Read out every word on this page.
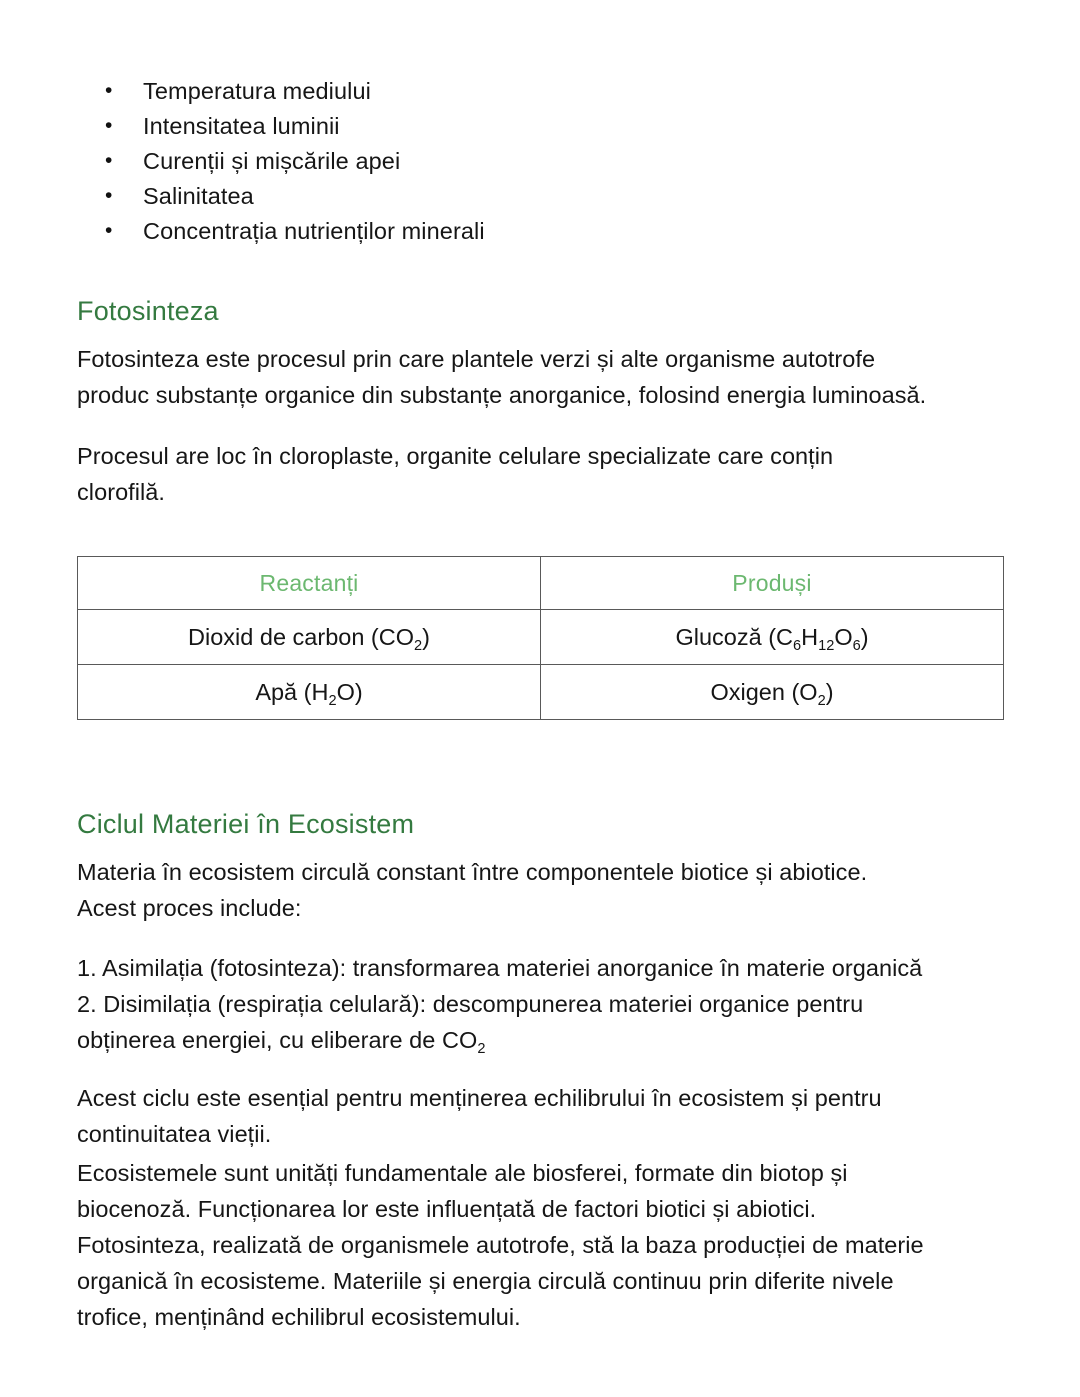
• Temperatura mediului
• Intensitatea luminii
• Curenții și mișcările apei
• Salinitatea
• Concentrația nutrienților minerali
Fotosinteza

Fotosinteza este procesul prin care plantele verzi și alte organisme autotrofe
produc substanțe organice din substanțe anorganice, folosind energia luminoasă.

Procesul are loc în cloroplaste, organite celulare specializate care conțin
clorofilă.

Reactanți	Produși
Dioxid de carbon $(CO_2)$	Glucoză $(C_6H_{12}O_6)$
Apă $(H_2O)$	Oxigen $(O_2)$
Ciclul Materiei în Ecosistem

Materia în ecosistem circulă constant între componentele biotice și abiotice.
Acest proces include:

1. Asimilația (fotosinteza): transformarea materiei anorganice în materie organică
2. Disimilația (respirația celulară): descompunerea materiei organice pentru
obținerea energiei, cu eliberare de $CO_2$

Acest ciclu este esențial pentru menținerea echilibrului în ecosistem și pentru
continuitatea vieții.

Ecosistemele sunt unități fundamentale ale biosferei, formate din biotop și
biocenoză. Funcționarea lor este influențată de factori biotici și abiotici.
Fotosinteza, realizată de organismele autotrofe, stă la baza producției de materie
organică în ecosisteme. Materiile și energia circulă continuu prin diferite nivele
trofice, menținând echilibrul ecosistemului.
